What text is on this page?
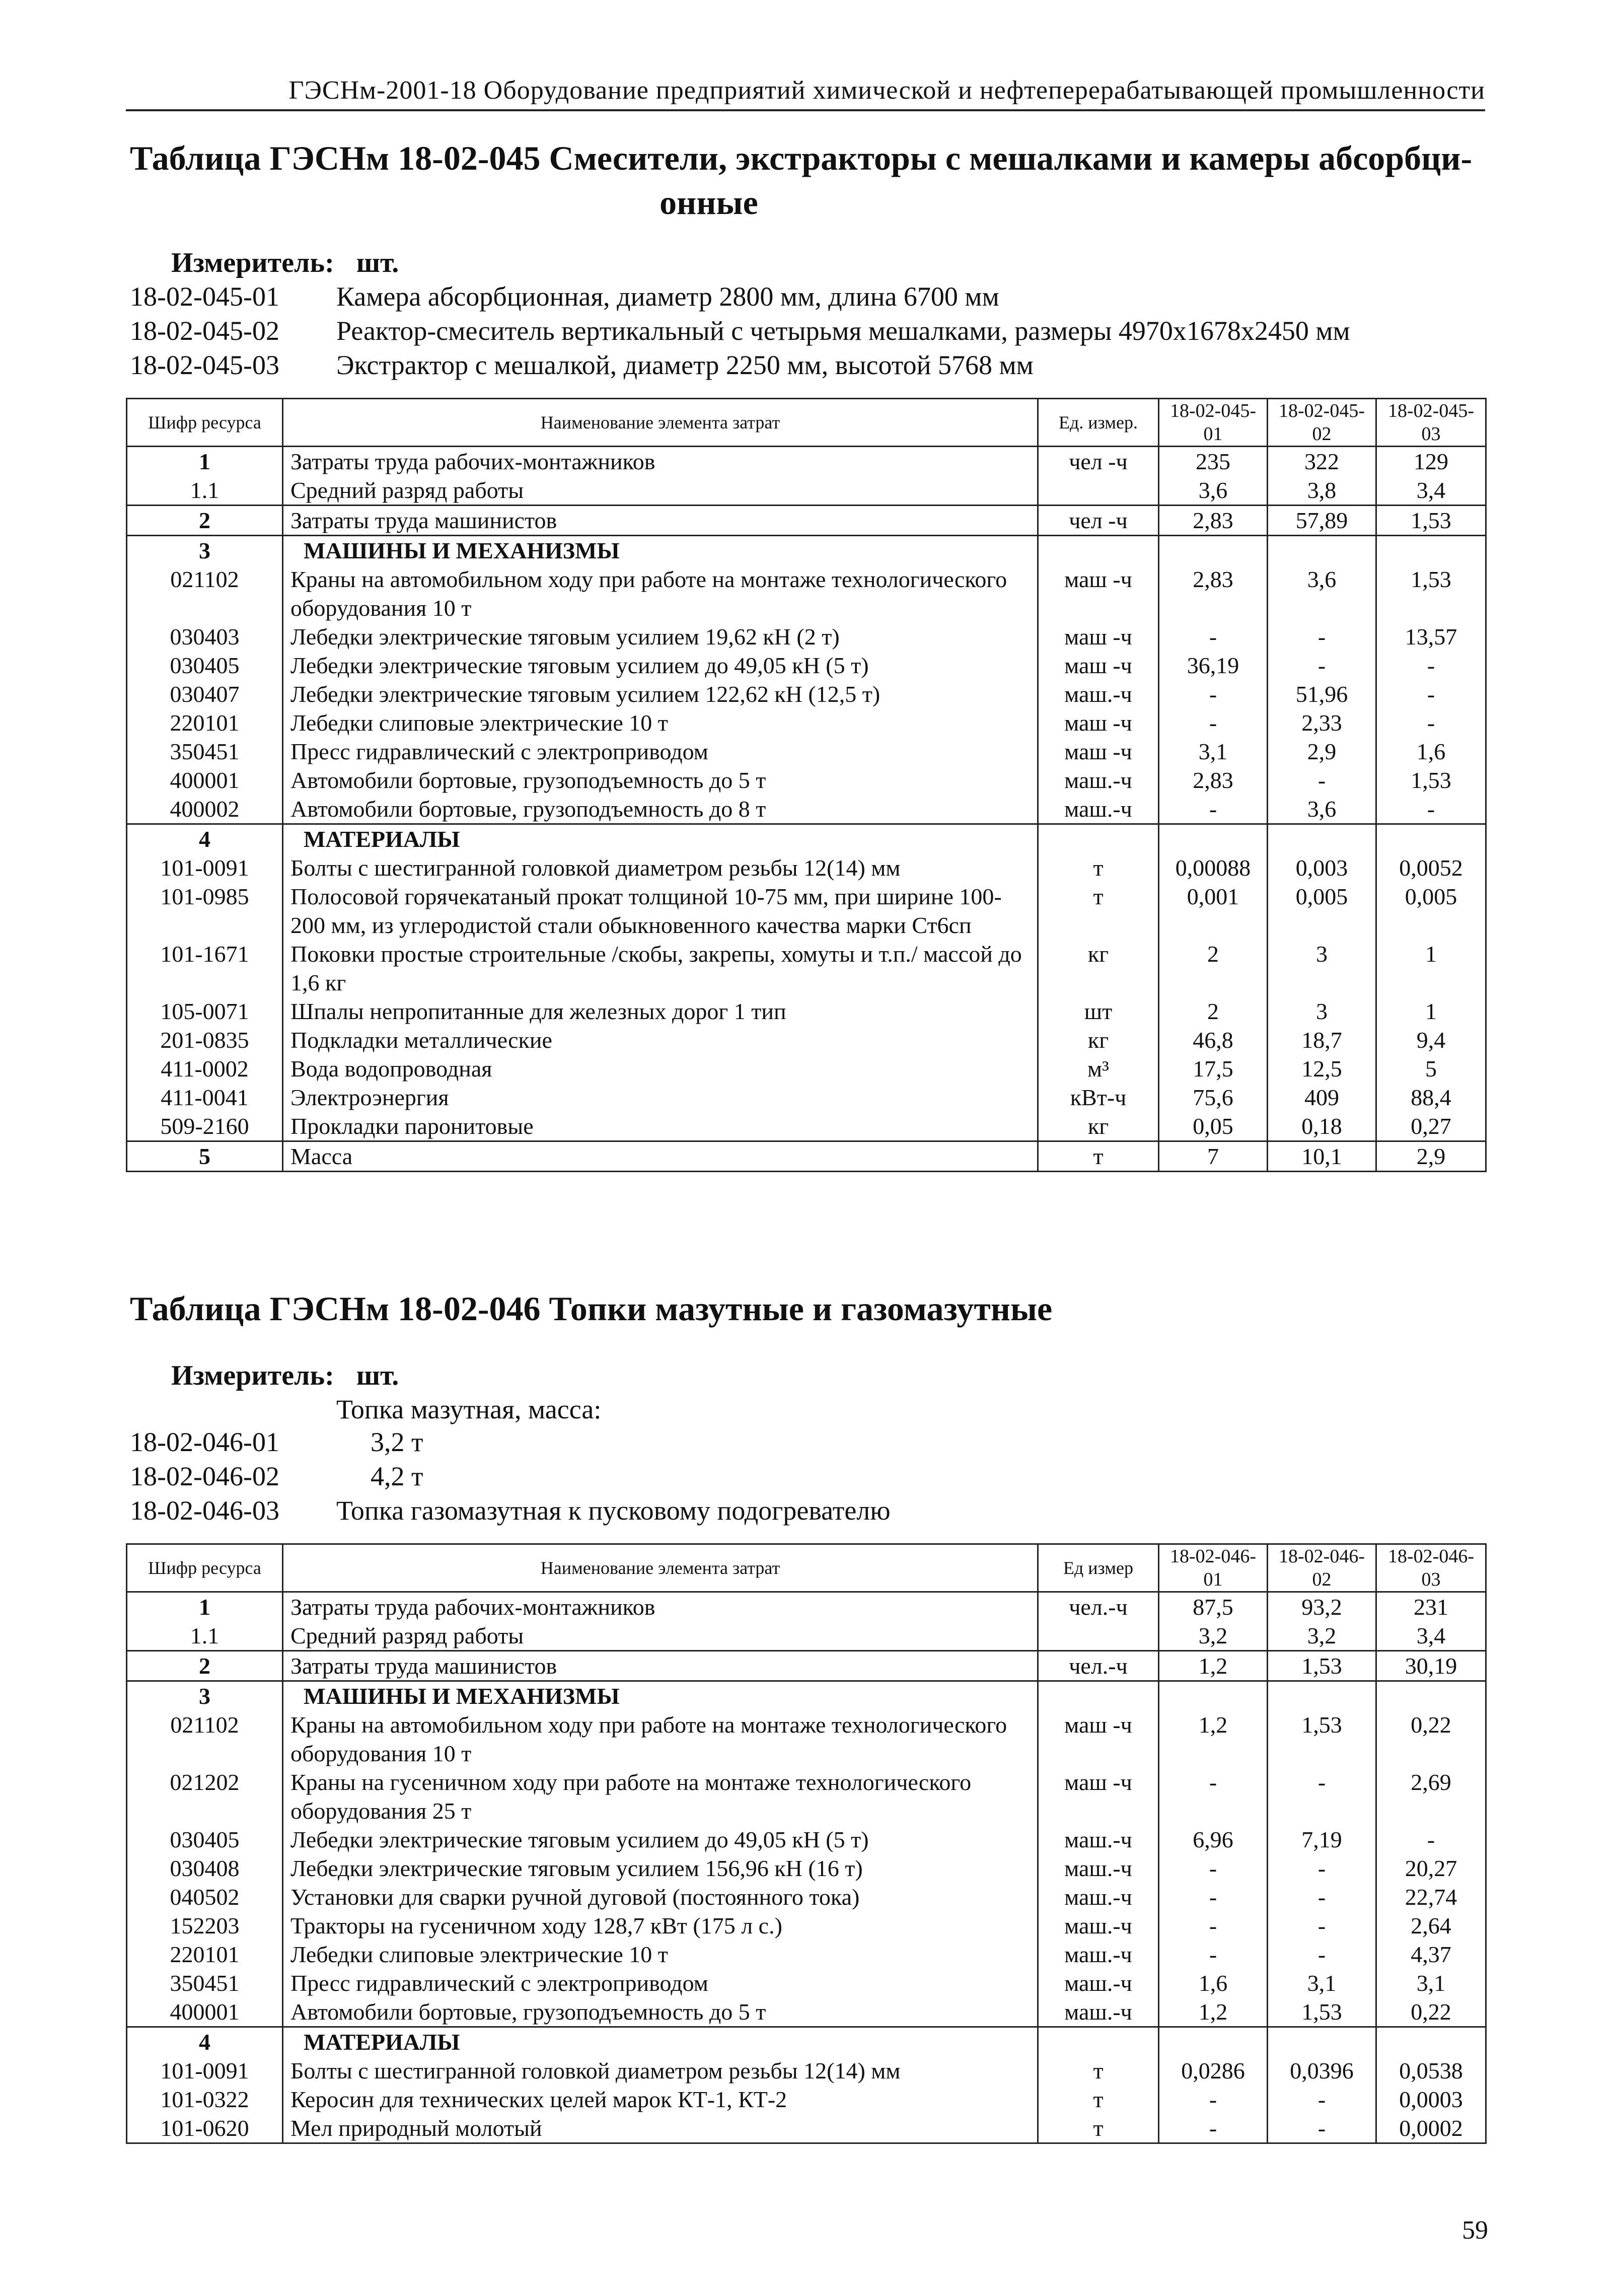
ГЭСНм-2001-18 Оборудование предприятий химической и нефтеперерабатывающей промышленности
Таблица ГЭСНм 18-02-045 Смесители, экстракторы с мешалками и камеры абсорбци-
онные
Измеритель: шт.
18-02-045-01	Камера абсорбционная, диаметр 2800 мм, длина 6700 мм
18-02-045-02	Реактор-смеситель вертикальный с четырьмя мешалками, размеры 4970x1678x2450 мм
18-02-045-03	Экстрактор с мешалкой, диаметр 2250 мм, высотой 5768 мм
Шифр ресурса	Наименование элемента затрат	Ед. измер.	18-02-045-01	18-02-045-02	18-02-045-03
1	Затраты труда рабочих-монтажников	чел -ч	235	322	129
1.1	Средний разряд работы		3,6	3,8	3,4
2	Затраты труда машинистов	чел -ч	2,83	57,89	1,53
3	МАШИНЫ И МЕХАНИЗМЫ				
021102	Краны на автомобильном ходу при работе на монтаже технологического оборудования 10 т	маш -ч	2,83	3,6	1,53
030403	Лебедки электрические тяговым усилием 19,62 кН (2 т)	маш -ч	-	-	13,57
030405	Лебедки электрические тяговым усилием до 49,05 кН (5 т)	маш -ч	36,19	-	-
030407	Лебедки электрические тяговым усилием 122,62 кН (12,5 т)	маш.-ч	-	51,96	-
220101	Лебедки слиповые электрические 10 т	маш -ч	-	2,33	-
350451	Пресс гидравлический с электроприводом	маш -ч	3,1	2,9	1,6
400001	Автомобили бортовые, грузоподъемность до 5 т	маш.-ч	2,83	-	1,53
400002	Автомобили бортовые, грузоподъемность до 8 т	маш.-ч	-	3,6	-
4	МАТЕРИАЛЫ				
101-0091	Болты с шестигранной головкой диаметром резьбы 12(14) мм	т	0,00088	0,003	0,0052
101-0985	Полосовой горячекатаный прокат толщиной 10-75 мм, при ширине 100-200 мм, из углеродистой стали обыкновенного качества марки Ст6сп	т	0,001	0,005	0,005
101-1671	Поковки простые строительные /скобы, закрепы, хомуты и т.п./ массой до 1,6 кг	кг	2	3	1
105-0071	Шпалы непропитанные для железных дорог 1 тип	шт	2	3	1
201-0835	Подкладки металлические	кг	46,8	18,7	9,4
411-0002	Вода водопроводная	м³	17,5	12,5	5
411-0041	Электроэнергия	кВт-ч	75,6	409	88,4
509-2160	Прокладки паронитовые	кг	0,05	0,18	0,27
5	Масса	т	7	10,1	2,9
Таблица ГЭСНм 18-02-046 Топки мазутные и газомазутные
Измеритель: шт.
Топка мазутная, масса:
18-02-046-01	3,2 т
18-02-046-02	4,2 т
18-02-046-03	Топка газомазутная к пусковому подогревателю
Шифр ресурса	Наименование элемента затрат	Ед измер	18-02-046-01	18-02-046-02	18-02-046-03
1	Затраты труда рабочих-монтажников	чел.-ч	87,5	93,2	231
1.1	Средний разряд работы		3,2	3,2	3,4
2	Затраты труда машинистов	чел.-ч	1,2	1,53	30,19
3	МАШИНЫ И МЕХАНИЗМЫ				
021102	Краны на автомобильном ходу при работе на монтаже технологического оборудования 10 т	маш -ч	1,2	1,53	0,22
021202	Краны на гусеничном ходу при работе на монтаже технологического оборудования 25 т	маш -ч	-	-	2,69
030405	Лебедки электрические тяговым усилием до 49,05 кН (5 т)	маш.-ч	6,96	7,19	-
030408	Лебедки электрические тяговым усилием 156,96 кН (16 т)	маш.-ч	-	-	20,27
040502	Установки для сварки ручной дуговой (постоянного тока)	маш.-ч	-	-	22,74
152203	Тракторы на гусеничном ходу 128,7 кВт (175 л с.)	маш.-ч	-	-	2,64
220101	Лебедки слиповые электрические 10 т	маш.-ч	-	-	4,37
350451	Пресс гидравлический с электроприводом	маш.-ч	1,6	3,1	3,1
400001	Автомобили бортовые, грузоподъемность до 5 т	маш.-ч	1,2	1,53	0,22
4	МАТЕРИАЛЫ				
101-0091	Болты с шестигранной головкой диаметром резьбы 12(14) мм	т	0,0286	0,0396	0,0538
101-0322	Керосин для технических целей марок КТ-1, КТ-2	т	-	-	0,0003
101-0620	Мел природный молотый	т	-	-	0,0002
59
